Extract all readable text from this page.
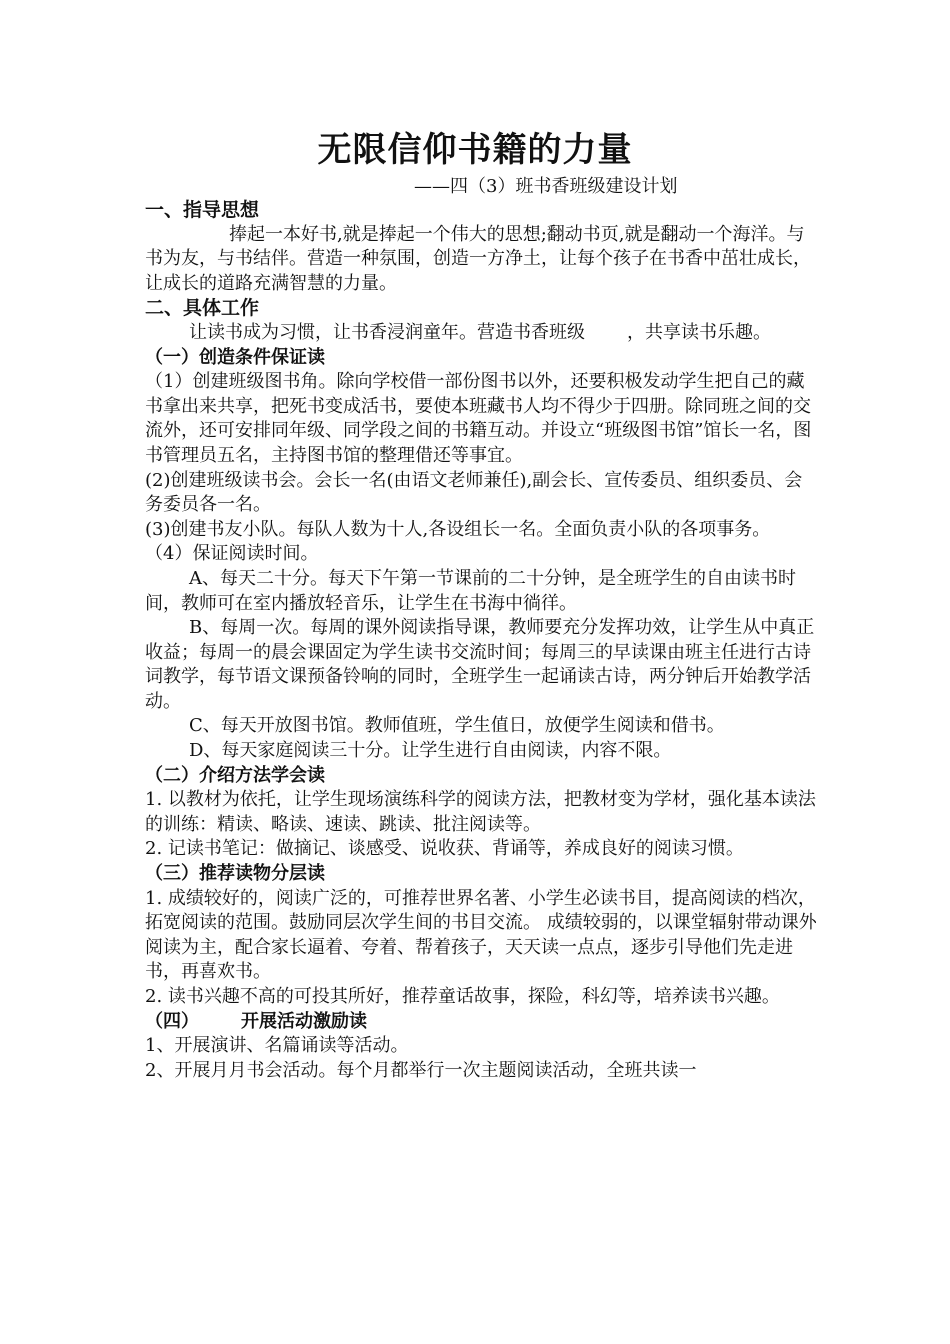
无限信仰书籍的力量
——四（3）班书香班级建设计划

一、指导思想

捧起一本好书,就是捧起一个伟大的思想;翻动书页,就是翻动一个海洋。与书为友，与书结伴。营造一种氛围，创造一方净土，让每个孩子在书香中茁壮成长，让成长的道路充满智慧的力量。

二、具体工作

让读书成为习惯，让书香浸润童年。营造书香班级 ，共享读书乐趣。

（一）创造条件保证读

（1）创建班级图书角。除向学校借一部份图书以外，还要积极发动学生把自己的藏书拿出来共享，把死书变成活书，要使本班藏书人均不得少于四册。除同班之间的交流外，还可安排同年级、同学段之间的书籍互动。并设立“班级图书馆”馆长一名，图书管理员五名，主持图书馆的整理借还等事宜。

(2)创建班级读书会。会长一名(由语文老师兼任),副会长、宣传委员、组织委员、会务委员各一名。

(3)创建书友小队。每队人数为十人,各设组长一名。全面负责小队的各项事务。

（4）保证阅读时间。

A、每天二十分。每天下午第一节课前的二十分钟，是全班学生的自由读书时间，教师可在室内播放轻音乐，让学生在书海中徜徉。

B、每周一次。每周的课外阅读指导课，教师要充分发挥功效，让学生从中真正收益；每周一的晨会课固定为学生读书交流时间；每周三的早读课由班主任进行古诗词教学，每节语文课预备铃响的同时，全班学生一起诵读古诗，两分钟后开始教学活动。

C、每天开放图书馆。教师值班，学生值日，放便学生阅读和借书。

D、每天家庭阅读三十分。让学生进行自由阅读，内容不限。

（二）介绍方法学会读

1. 以教材为依托，让学生现场演练科学的阅读方法，把教材变为学材，强化基本读法的训练：精读、略读、速读、跳读、批注阅读等。

2. 记读书笔记：做摘记、谈感受、说收获、背诵等，养成良好的阅读习惯。

（三）推荐读物分层读

1. 成绩较好的，阅读广泛的，可推荐世界名著、小学生必读书目，提高阅读的档次，拓宽阅读的范围。鼓励同层次学生间的书目交流。 成绩较弱的，以课堂辐射带动课外阅读为主，配合家长逼着、夸着、帮着孩子，天天读一点点，逐步引导他们先走进书，再喜欢书。

2. 读书兴趣不高的可投其所好，推荐童话故事，探险，科幻等，培养读书兴趣。

（四） 开展活动激励读

1、开展演讲、名篇诵读等活动。

2、开展月月书会活动。每个月都举行一次主题阅读活动，全班共读一
